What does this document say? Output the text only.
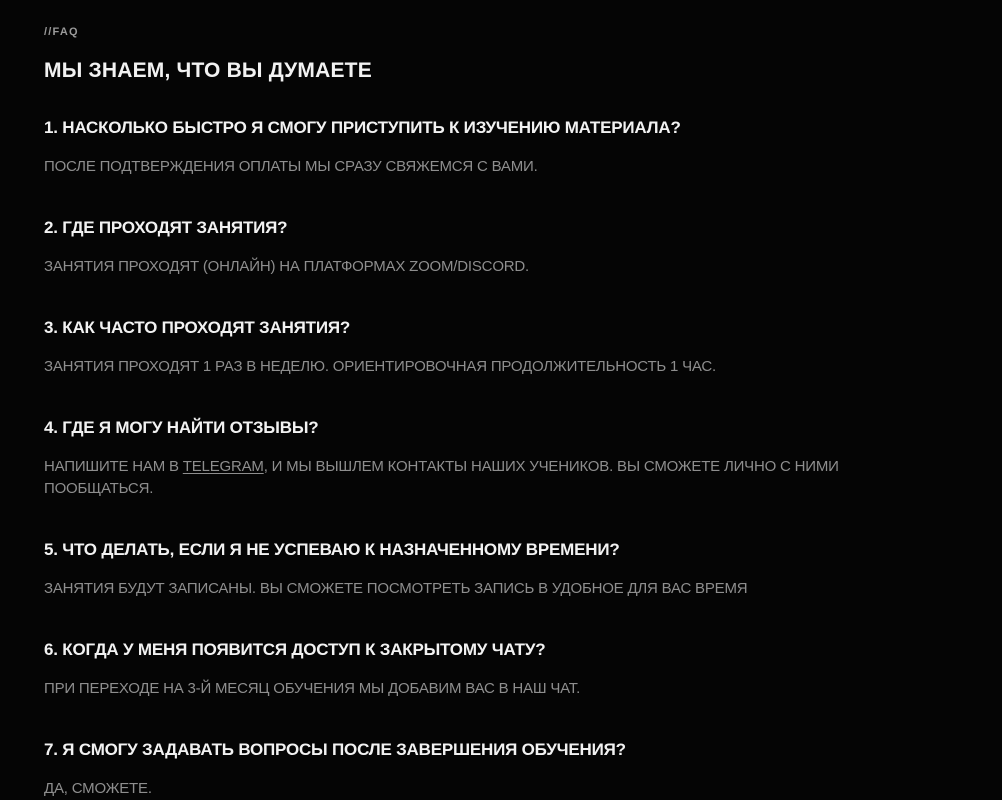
//FAQ
МЫ ЗНАЕМ, ЧТО ВЫ ДУМАЕТЕ
1. НАСКОЛЬКО БЫСТРО Я СМОГУ ПРИСТУПИТЬ К ИЗУЧЕНИЮ МАТЕРИАЛА?
ПОСЛЕ ПОДТВЕРЖДЕНИЯ ОПЛАТЫ МЫ СРАЗУ СВЯЖЕМСЯ С ВАМИ.
2. ГДЕ ПРОХОДЯТ ЗАНЯТИЯ?
ЗАНЯТИЯ ПРОХОДЯТ (ОНЛАЙН) НА ПЛАТФОРМАХ ZOOM/DISCORD.
3. КАК ЧАСТО ПРОХОДЯТ ЗАНЯТИЯ?
ЗАНЯТИЯ ПРОХОДЯТ 1 РАЗ В НЕДЕЛЮ. ОРИЕНТИРОВОЧНАЯ ПРОДОЛЖИТЕЛЬНОСТЬ 1 ЧАС.
4. ГДЕ Я МОГУ НАЙТИ ОТЗЫВЫ?
НАПИШИТЕ НАМ В TELEGRAM, И МЫ ВЫШЛЕМ КОНТАКТЫ НАШИХ УЧЕНИКОВ. ВЫ СМОЖЕТЕ ЛИЧНО С НИМИ ПООБЩАТЬСЯ.
5. ЧТО ДЕЛАТЬ, ЕСЛИ Я НЕ УСПЕВАЮ К НАЗНАЧЕННОМУ ВРЕМЕНИ?
ЗАНЯТИЯ БУДУТ ЗАПИСАНЫ. ВЫ СМОЖЕТЕ ПОСМОТРЕТЬ ЗАПИСЬ В УДОБНОЕ ДЛЯ ВАС ВРЕМЯ
6. КОГДА У МЕНЯ ПОЯВИТСЯ ДОСТУП К ЗАКРЫТОМУ ЧАТУ?
ПРИ ПЕРЕХОДЕ НА 3-Й МЕСЯЦ ОБУЧЕНИЯ МЫ ДОБАВИМ ВАС В НАШ ЧАТ.
7. Я СМОГУ ЗАДАВАТЬ ВОПРОСЫ ПОСЛЕ ЗАВЕРШЕНИЯ ОБУЧЕНИЯ?
ДА, СМОЖЕТЕ.
